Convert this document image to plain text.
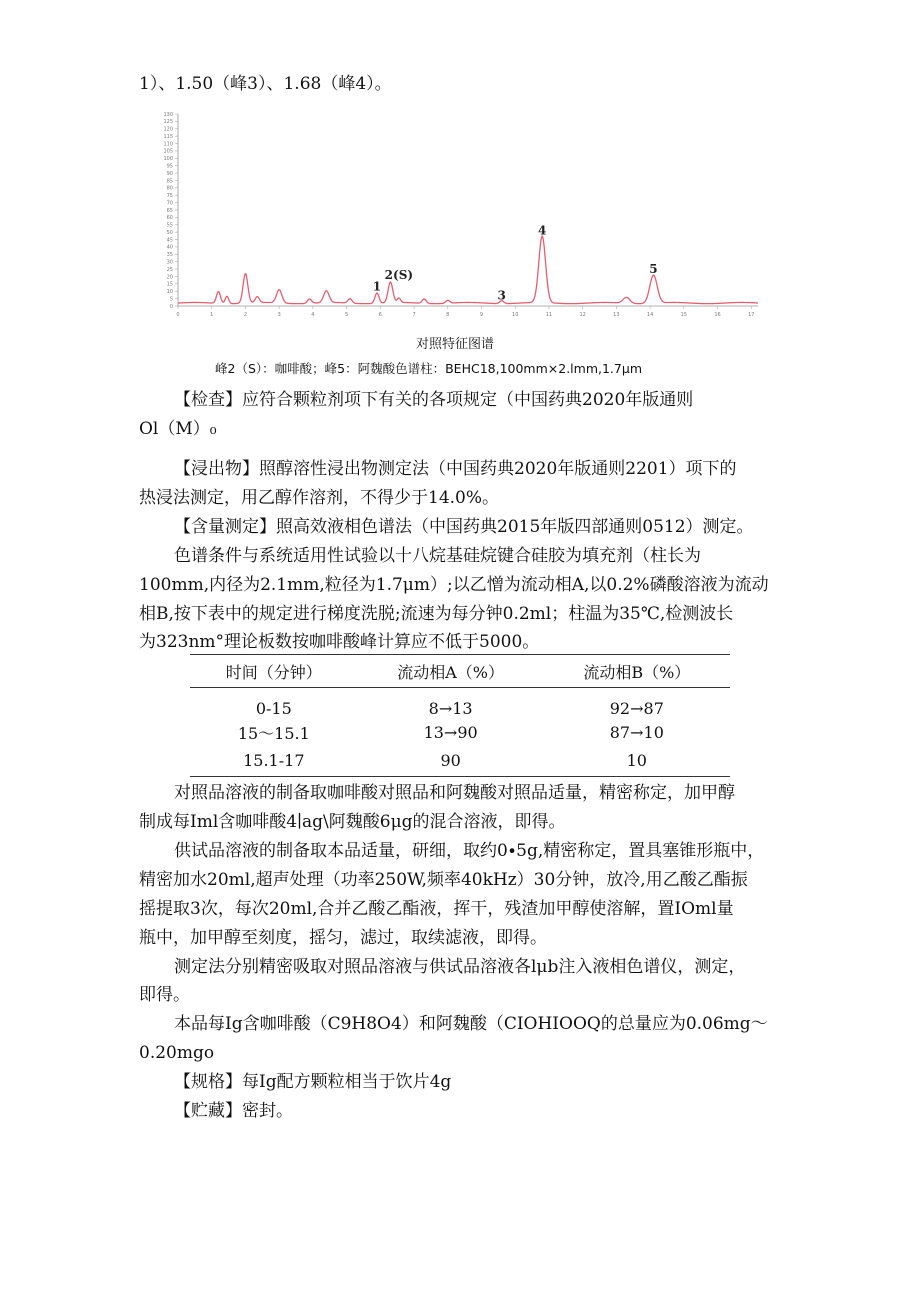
1）、1.50（峰3）、1.68（峰4）。
0
5
10
15
20
25
30
35
40
45
50
55
60
65
70
75
80
85
90
95
100
105
110
115
120
125
130
0	1	2	3	4	5	6	7	8	9	10	11	12	13	14	15	16	17
1
2(S)
3
4
5
对照特征图谱
峰2（S）：咖啡酸；峰5：阿魏酸色谱柱：BEHC18,100mm×2.lmm,1.7μm
【检查】应符合颗粒剂项下有关的各项规定（中国药典2020年版通则
Ol（M）₀
【浸出物】照醇溶性浸出物测定法（中国药典2020年版通则2201）项下的
热浸法测定，用乙醇作溶剂，不得少于14.0%。
【含量测定】照高效液相色谱法（中国药典2015年版四部通则0512）测定。
色谱条件与系统适用性试验以十八烷基硅烷键合硅胶为填充剂（柱长为
100mm,内径为2.1mm,粒径为1.7μm）;以乙憎为流动相A,以0.2%磷酸溶液为流动
相B,按下表中的规定进行梯度洗脱;流速为每分钟0.2ml；柱温为35℃,检测波长
为323nm°理论板数按咖啡酸峰计算应不低于5000。
时间（分钟）	流动相A（%）	流动相B（%）
0-15	8→13	92→87
15～15.1	13→90	87→10
15.1-17	90	10
对照品溶液的制备取咖啡酸对照品和阿魏酸对照品适量，精密称定，加甲醇
制成每Iml含咖啡酸4∣ag\阿魏酸6μg的混合溶液，即得。
供试品溶液的制备取本品适量，研细，取约0∙5g,精密称定，置具塞锥形瓶中，
精密加水20ml,超声处理（功率250W,频率40kHz）30分钟，放冷,用乙酸乙酯振
摇提取3次，每次20ml,合并乙酸乙酯液，挥干，残渣加甲醇使溶解，置IOml量
瓶中，加甲醇至刻度，摇匀，滤过，取续滤液，即得。
测定法分别精密吸取对照品溶液与供试品溶液各lμb注入液相色谱仪，测定，
即得。
本品每Ig含咖啡酸（C9H8O4）和阿魏酸（CIOHIOOQ的总量应为0.06mg～
0.20mgo
【规格】每Ig配方颗粒相当于饮片4g
【贮藏】密封。
